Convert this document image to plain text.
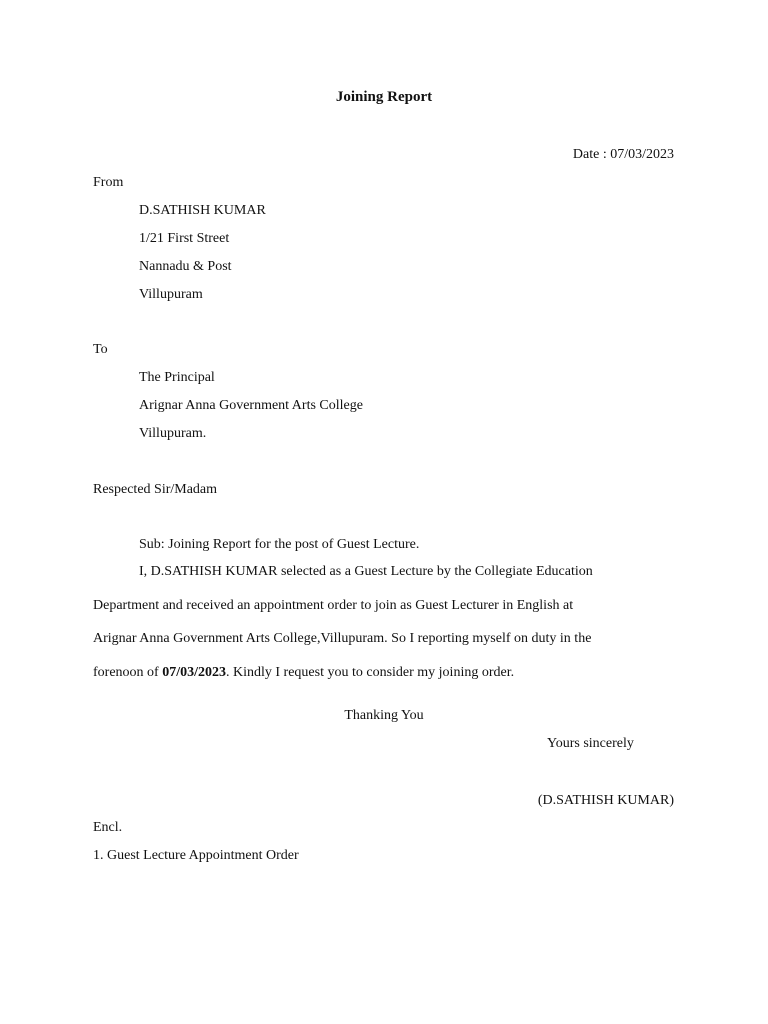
Joining Report
Date : 07/03/2023
From
D.SATHISH KUMAR
1/21 First Street
Nannadu & Post
Villupuram
To
The Principal
Arignar Anna Government Arts College
Villupuram.
Respected Sir/Madam
Sub: Joining Report for the post of Guest Lecture.
I, D.SATHISH KUMAR selected as a Guest Lecture by the Collegiate Education
Department and received an appointment order to join as Guest Lecturer in English at
Arignar Anna Government Arts College,Villupuram. So I reporting myself on duty in the
forenoon of 07/03/2023. Kindly I request you to consider my joining order.
Thanking You
Yours sincerely
(D.SATHISH KUMAR)
Encl.
1. Guest Lecture Appointment Order
